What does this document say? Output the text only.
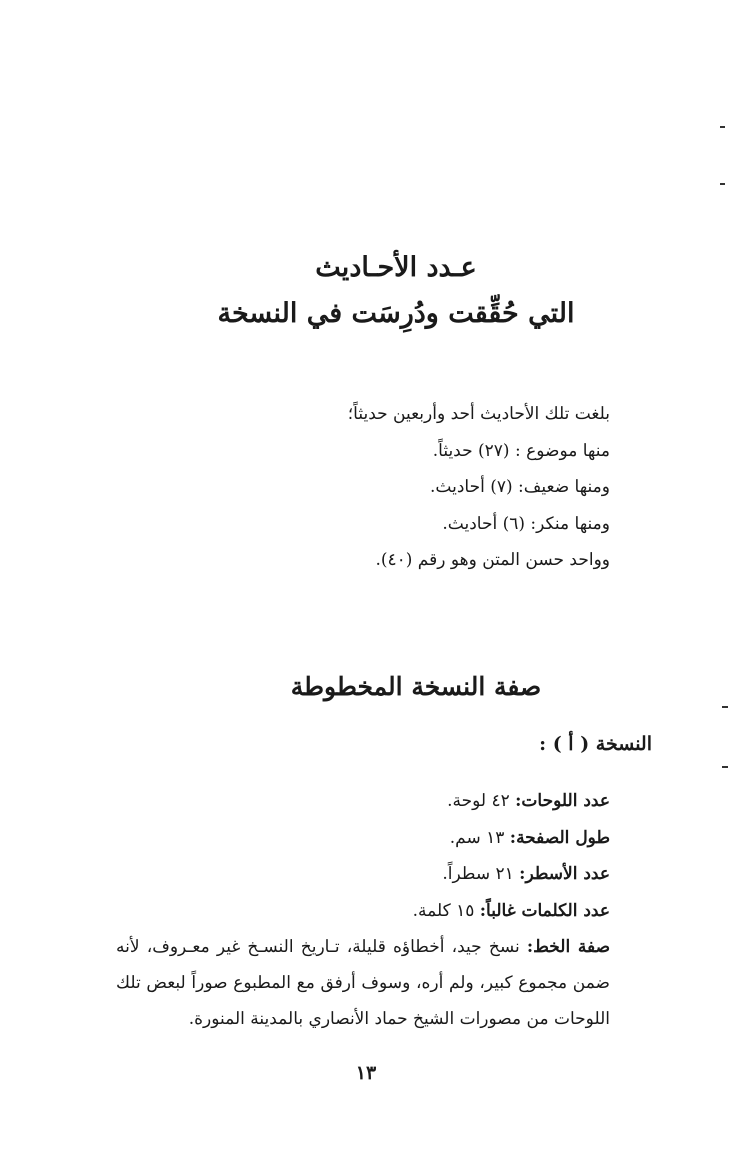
عـدد الأحـاديث
التي حُقِّقت ودُرِسَت في النسخة
بلغت تلك الأحاديث أحد وأربعين حديثاً؛
منها موضوع : (٢٧) حديثاً.
ومنها ضعيف: (٧) أحاديث.
ومنها منكر: (٦) أحاديث.
وواحد حسن المتن وهو رقم (٤٠).
صفة النسخة المخطوطة
النسخة ( أ ) :
عدد اللوحات: ٤٢ لوحة.
طول الصفحة: ١٣ سم.
عدد الأسطر: ٢١ سطراً.
عدد الكلمات غالباً: ١٥ كلمة.
صفة الخط: نسخ جيد، أخطاؤه قليلة، تـاريخ النسـخ غير معـروف، لأنه
ضمن مجموع كبير، ولم أره، وسوف أرفق مع المطبوع صوراً لبعض تلك
اللوحات من مصورات الشيخ حماد الأنصاري بالمدينة المنورة.
١٣
